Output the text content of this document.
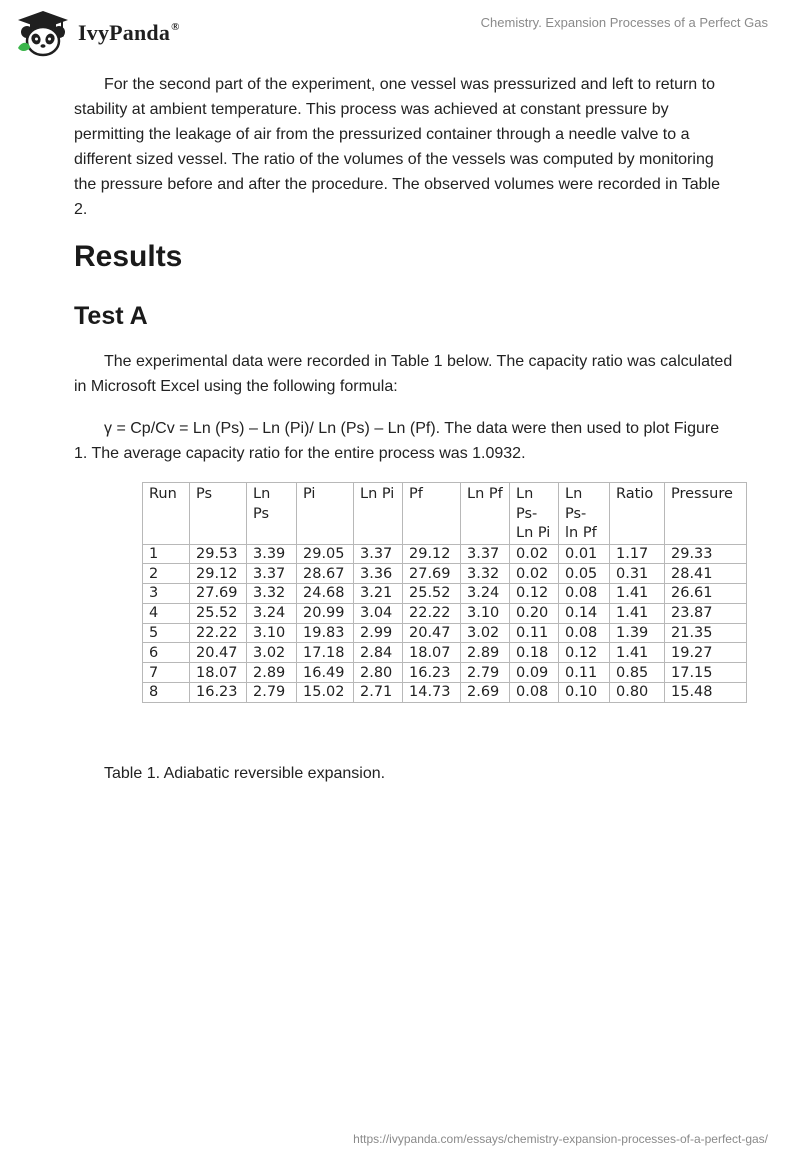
IvyPanda®	Chemistry. Expansion Processes of a Perfect Gas

For the second part of the experiment, one vessel was pressurized and left to return to stability at ambient temperature. This process was achieved at constant pressure by permitting the leakage of air from the pressurized container through a needle valve to a different sized vessel. The ratio of the volumes of the vessels was computed by monitoring the pressure before and after the procedure. The observed volumes were recorded in Table 2.

Results
Test A

The experimental data were recorded in Table 1 below. The capacity ratio was calculated in Microsoft Excel using the following formula:

γ = Cp/Cv = Ln (Ps) – Ln (Pi)/ Ln (Ps) – Ln (Pf). The data were then used to plot Figure 1. The average capacity ratio for the entire process was 1.0932.

Run	Ps	Ln Ps	Pi	Ln Pi	Pf	Ln Pf	Ln Ps- Ln Pi	Ln Ps- ln Pf	Ratio	Pressure
1	29.53	3.39	29.05	3.37	29.12	3.37	0.02	0.01	1.17	29.33
2	29.12	3.37	28.67	3.36	27.69	3.32	0.02	0.05	0.31	28.41
3	27.69	3.32	24.68	3.21	25.52	3.24	0.12	0.08	1.41	26.61
4	25.52	3.24	20.99	3.04	22.22	3.10	0.20	0.14	1.41	23.87
5	22.22	3.10	19.83	2.99	20.47	3.02	0.11	0.08	1.39	21.35
6	20.47	3.02	17.18	2.84	18.07	2.89	0.18	0.12	1.41	19.27
7	18.07	2.89	16.49	2.80	16.23	2.79	0.09	0.11	0.85	17.15
8	16.23	2.79	15.02	2.71	14.73	2.69	0.08	0.10	0.80	15.48
Table 1. Adiabatic reversible expansion.
https://ivypanda.com/essays/chemistry-expansion-processes-of-a-perfect-gas/
